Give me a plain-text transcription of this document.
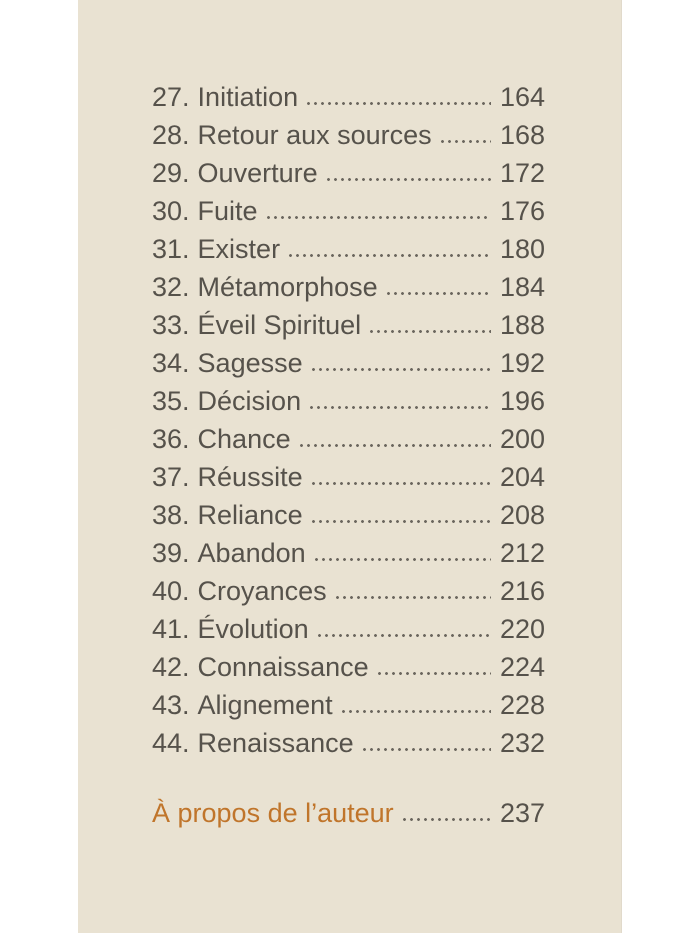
27. Initiation	164
28. Retour aux sources	168
29. Ouverture	172
30. Fuite	176
31. Exister	180
32. Métamorphose	184
33. Éveil Spirituel	188
34. Sagesse	192
35. Décision	196
36. Chance	200
37. Réussite	204
38. Reliance	208
39. Abandon	212
40. Croyances	216
41. Évolution	220
42. Connaissance	224
43. Alignement	228
44. Renaissance	232
À propos de l’auteur	237
